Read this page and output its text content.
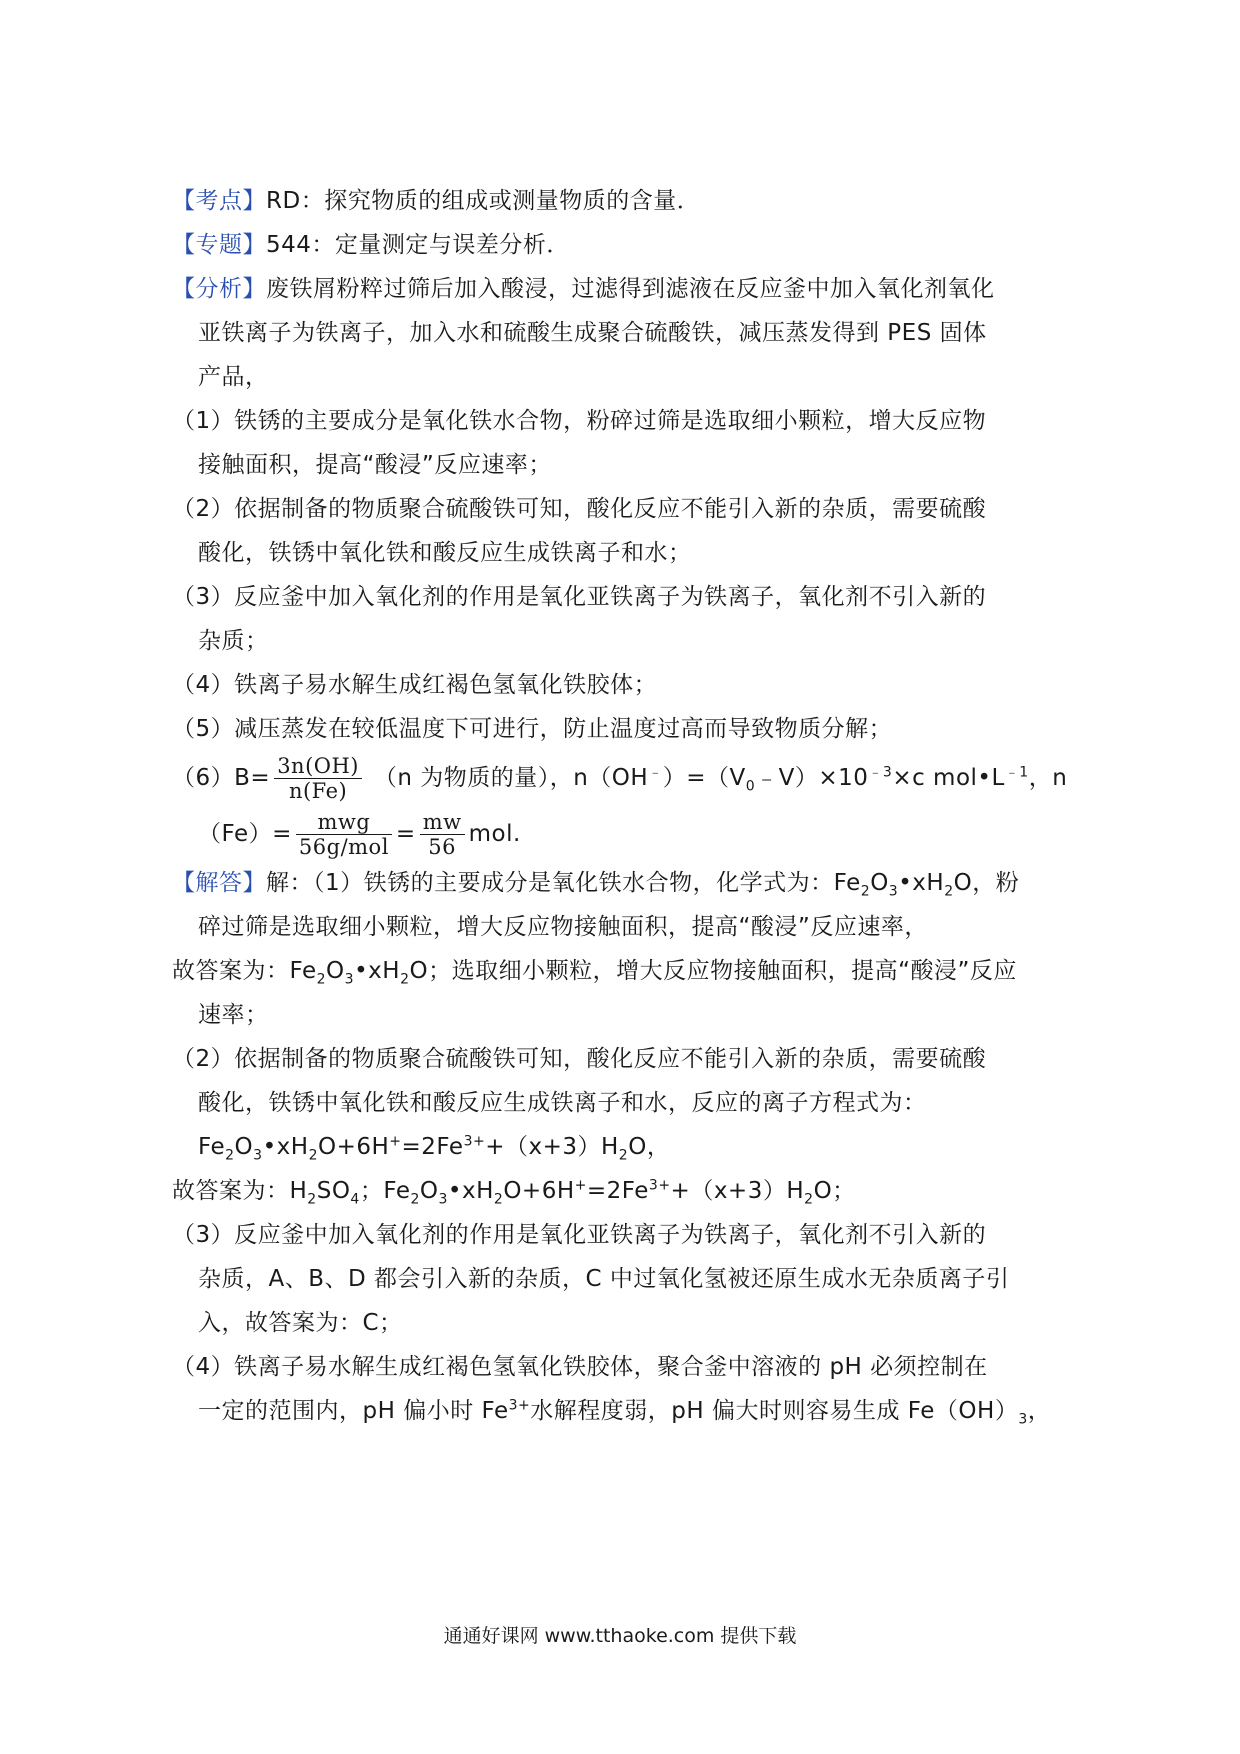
【考点】RD：探究物质的组成或测量物质的含量．
【专题】544：定量测定与误差分析．
【分析】废铁屑粉粹过筛后加入酸浸，过滤得到滤液在反应釜中加入氧化剂氧化
亚铁离子为铁离子，加入水和硫酸生成聚合硫酸铁，减压蒸发得到 PES 固体
产品，
（1）铁锈的主要成分是氧化铁水合物，粉碎过筛是选取细小颗粒，增大反应物
接触面积，提高“酸浸”反应速率；
（2）依据制备的物质聚合硫酸铁可知，酸化反应不能引入新的杂质，需要硫酸
酸化，铁锈中氧化铁和酸反应生成铁离子和水；
（3）反应釜中加入氧化剂的作用是氧化亚铁离子为铁离子，氧化剂不引入新的
杂质；
（4）铁离子易水解生成红褐色氢氧化铁胶体；
（5）减压蒸发在较低温度下可进行，防止温度过高而导致物质分解；
$(6)B= \frac{3n(OH)}{n(Fe)} (n$ 为物质的量），$n(OH^﹣)=(V_0﹣V)\times 10^{﹣3}\times c$ $mol•L^{﹣1}$，n
$(Fe)= \frac{\text{mwg}}{\text{56g/mol}} = \frac{mw}{56}$ mol.
【解答】解：（1）铁锈的主要成分是氧化铁水合物，化学式为：$Fe_2O_3•xH_2O$，粉
碎过筛是选取细小颗粒，增大反应物接触面积，提高“酸浸”反应速率，
故答案为：$Fe_2O_3•xH_2O$；选取细小颗粒，增大反应物接触面积，提高“酸浸”反应
速率；
（2）依据制备的物质聚合硫酸铁可知，酸化反应不能引入新的杂质，需要硫酸
酸化，铁锈中氧化铁和酸反应生成铁离子和水，反应的离子方程式为：
$Fe_2O_3•xH_2O+6H^+=2Fe^{3+}+(x+3)H_2O$，
故答案为：$H_2SO_4$；$Fe_2O_3•xH_2O+6H^+=2Fe^{3+}+(x+3)H_2O$；
（3）反应釜中加入氧化剂的作用是氧化亚铁离子为铁离子，氧化剂不引入新的
杂质，A、B、D 都会引入新的杂质，C 中过氧化氢被还原生成水无杂质离子引
入，故答案为：C；
（4）铁离子易水解生成红褐色氢氧化铁胶体，聚合釜中溶液的 pH 必须控制在
一定的范围内，pH 偏小时 $Fe^{3+}$水解程度弱，pH 偏大时则容易生成 $Fe(OH)_3$，
通通好课网 www.tthaoke.com 提供下载
